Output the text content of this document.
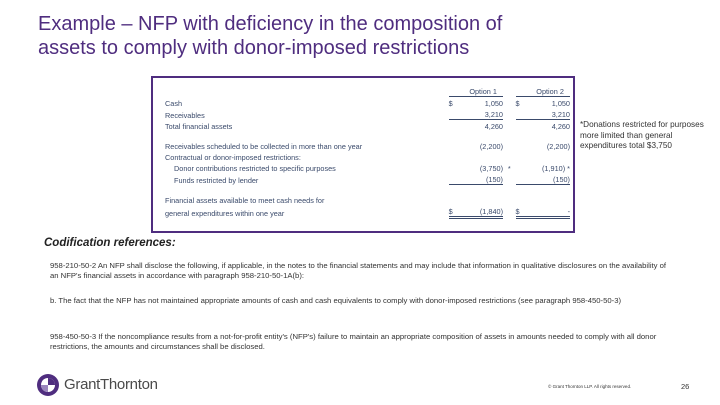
Example – NFP with deficiency in the composition of
assets to comply with donor-imposed restrictions
		Option 1			Option 2
Cash	$	1,050		$	1,050
Receivables		3,210			3,210
Total financial assets		4,260			4,260
Receivables scheduled to be collected in more than one year		(2,200)			(2,200)
Contractual or donor-imposed restrictions:					
Donor contributions restricted to specific purposes		(3,750)	*		(1,910) *
Funds restricted by lender		(150)			(150)
Financial assets available to meet cash needs for					
general expenditures within one year	$	(1,840)		$	-
*Donations restricted for purposes more limited than general expenditures total $3,750
Codification references:
958-210-50-2 An NFP shall disclose the following, if applicable, in the notes to the financial statements and may include that information in qualitative disclosures on the availability of an NFP's financial assets in accordance with paragraph 958-210-50-1A(b):
b. The fact that the NFP has not maintained appropriate amounts of cash and cash equivalents to comply with donor-imposed restrictions (see paragraph 958-450-50-3)
958-450-50-3 If the noncompliance results from a not-for-profit entity's (NFP's) failure to maintain an appropriate composition of assets in amounts needed to comply with all donor restrictions, the amounts and circumstances shall be disclosed.
GrantThornton	© Grant Thornton LLP. All rights reserved.	26
